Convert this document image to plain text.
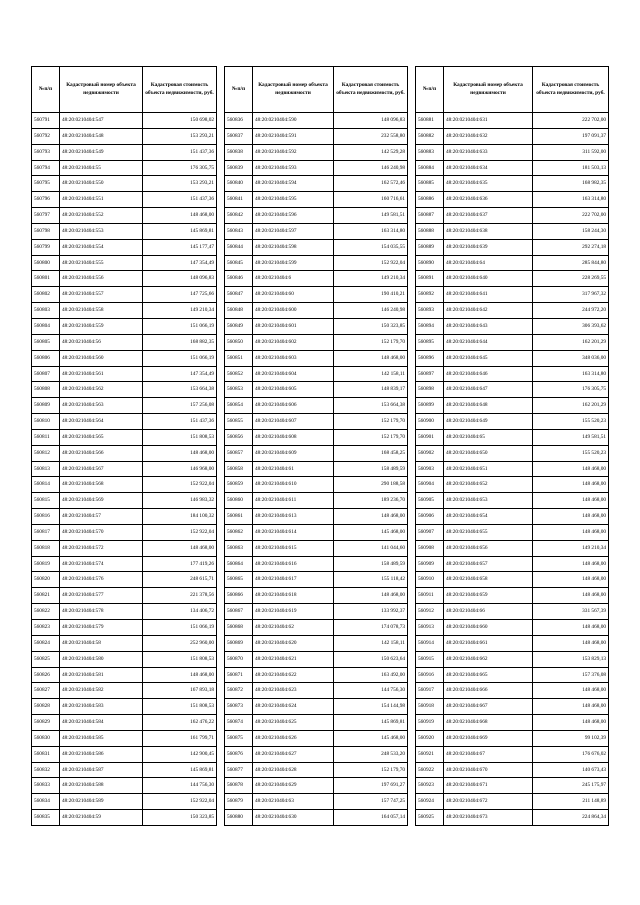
№п/п	Кадастровый номер объекта недвижимости	Кадастровая стоимость объекта недвижимости, руб.
560791	48:20:0210404:547	150 698,02
560792	48:20:0210404:548	153 293,21
560793	48:20:0210404:549	151 437,36
560794	48:20:0210404:55	176 305,75
560795	48:20:0210404:550	153 293,21
560796	48:20:0210404:551	151 437,36
560797	48:20:0210404:552	148 468,00
560798	48:20:0210404:553	145 869,81
560799	48:20:0210404:554	145 177,47
560800	48:20:0210404:555	147 354,49
560801	48:20:0210404:556	148 096,83
560802	48:20:0210404:557	147 725,66
560803	48:20:0210404:558	149 210,34
560804	48:20:0210404:559	151 066,19
560805	48:20:0210404:56	168 882,35
560806	48:20:0210404:560	151 066,19
560807	48:20:0210404:561	147 354,49
560808	48:20:0210404:562	153 664,38
560809	48:20:0210404:563	157 256,08
560810	48:20:0210404:564	151 437,36
560811	48:20:0210404:565	151 808,53
560812	48:20:0210404:566	148 468,00
560813	48:20:0210404:567	146 968,00
560814	48:20:0210404:568	152 922,04
560815	48:20:0210404:569	146 983,32
560816	48:20:0210404:57	184 100,32
560817	48:20:0210404:570	152 922,04
560818	48:20:0210404:572	148 468,00
560819	48:20:0210404:574	177 419,26
560820	48:20:0210404:576	248 615,71
560821	48:20:0210404:577	221 378,56
560822	48:20:0210404:578	134 406,72
560823	48:20:0210404:579	151 066,19
560824	48:20:0210404:58	252 960,00
560825	48:20:0210404:580	151 808,53
560826	48:20:0210404:581	148 468,00
560827	48:20:0210404:582	167 893,18
560828	48:20:0210404:583	151 808,53
560829	48:20:0210404:584	162 476,22
560830	48:20:0210404:585	161 799,71
560831	48:20:0210404:586	142 900,45
560832	48:20:0210404:587	145 869,81
560833	48:20:0210404:588	144 756,30
560834	48:20:0210404:589	152 922,04
560835	48:20:0210404:59	150 323,85
№п/п	Кадастровый номер объекта недвижимости	Кадастровая стоимость объекта недвижимости, руб.
560836	48:20:0210404:590	148 096,83
560837	48:20:0210404:591	232 558,80
560838	48:20:0210404:592	142 529,28
560839	48:20:0210404:593	146 240,98
560840	48:20:0210404:594	162 572,46
560841	48:20:0210404:595	160 716,61
560842	48:20:0210404:596	149 581,51
560843	48:20:0210404:597	163 314,80
560844	48:20:0210404:598	154 035,55
560845	48:20:0210404:599	152 922,04
560846	48:20:0210404:6	149 210,34
560847	48:20:0210404:60	190 410,21
560848	48:20:0210404:600	146 240,98
560849	48:20:0210404:601	150 323,85
560850	48:20:0210404:602	152 179,70
560851	48:20:0210404:603	148 468,00
560852	48:20:0210404:604	142 158,11
560853	48:20:0210404:605	148 839,17
560854	48:20:0210404:606	153 664,38
560855	48:20:0210404:607	152 179,70
560856	48:20:0210404:608	152 179,70
560857	48:20:0210404:609	168 458,25
560858	48:20:0210404:61	158 489,59
560859	48:20:0210404:610	290 188,58
560860	48:20:0210404:611	189 236,70
560861	48:20:0210404:613	148 468,00
560862	48:20:0210404:614	145 468,00
560863	48:20:0210404:615	141 044,60
560864	48:20:0210404:616	158 489,59
560865	48:20:0210404:617	155 118,42
560866	48:20:0210404:618	148 468,00
560867	48:20:0210404:619	133 992,37
560868	48:20:0210404:62	174 078,73
560869	48:20:0210404:620	142 158,11
560870	48:20:0210404:621	150 623,64
560871	48:20:0210404:622	163 492,00
560872	48:20:0210404:623	144 756,30
560873	48:20:0210404:624	154 144,98
560874	48:20:0210404:625	145 869,81
560875	48:20:0210404:626	145 468,00
560876	48:20:0210404:627	248 533,20
560877	48:20:0210404:628	152 179,70
560878	48:20:0210404:629	197 691,27
560879	48:20:0210404:63	157 747,25
560880	48:20:0210404:630	164 057,14
№п/п	Кадастровый номер объекта недвижимости	Кадастровая стоимость объекта недвижимости, руб.
560881	48:20:0210404:631	222 702,00
560882	48:20:0210404:632	197 091,37
560883	48:20:0210404:633	311 592,00
560884	48:20:0210404:634	181 503,13
560885	48:20:0210404:635	168 982,35
560886	48:20:0210404:636	163 314,80
560887	48:20:0210404:637	222 702,00
560888	48:20:0210404:638	158 244,30
560889	48:20:0210404:639	292 274,18
560890	48:20:0210404:64	285 844,80
560891	48:20:0210404:640	228 269,55
560892	48:20:0210404:641	317 967,32
560893	48:20:0210404:642	244 972,20
560894	48:20:0210404:643	306 393,62
560895	48:20:0210404:644	162 201,29
560896	48:20:0210404:645	348 036,00
560897	48:20:0210404:646	163 314,80
560898	48:20:0210404:647	176 305,75
560899	48:20:0210404:648	162 201,29
560900	48:20:0210404:649	155 520,23
560901	48:20:0210404:65	149 581,51
560902	48:20:0210404:650	155 520,23
560903	48:20:0210404:651	148 468,00
560904	48:20:0210404:652	148 468,00
560905	48:20:0210404:653	148 468,00
560906	48:20:0210404:654	148 468,00
560907	48:20:0210404:655	148 468,00
560908	48:20:0210404:656	149 210,34
560909	48:20:0210404:657	148 468,00
560910	48:20:0210404:658	148 468,00
560911	48:20:0210404:659	148 468,00
560912	48:20:0210404:66	331 567,39
560913	48:20:0210404:660	148 468,00
560914	48:20:0210404:661	148 468,00
560915	48:20:0210404:662	153 829,13
560916	48:20:0210404:665	157 376,08
560917	48:20:0210404:666	148 468,00
560918	48:20:0210404:667	148 468,00
560919	48:20:0210404:668	148 468,00
560920	48:20:0210404:669	99 102,39
560921	48:20:0210404:67	176 676,02
560922	48:20:0210404:670	140 673,43
560923	48:20:0210404:671	245 175,97
560924	48:20:0210404:672	211 148,89
560925	48:20:0210404:673	224 864,34
